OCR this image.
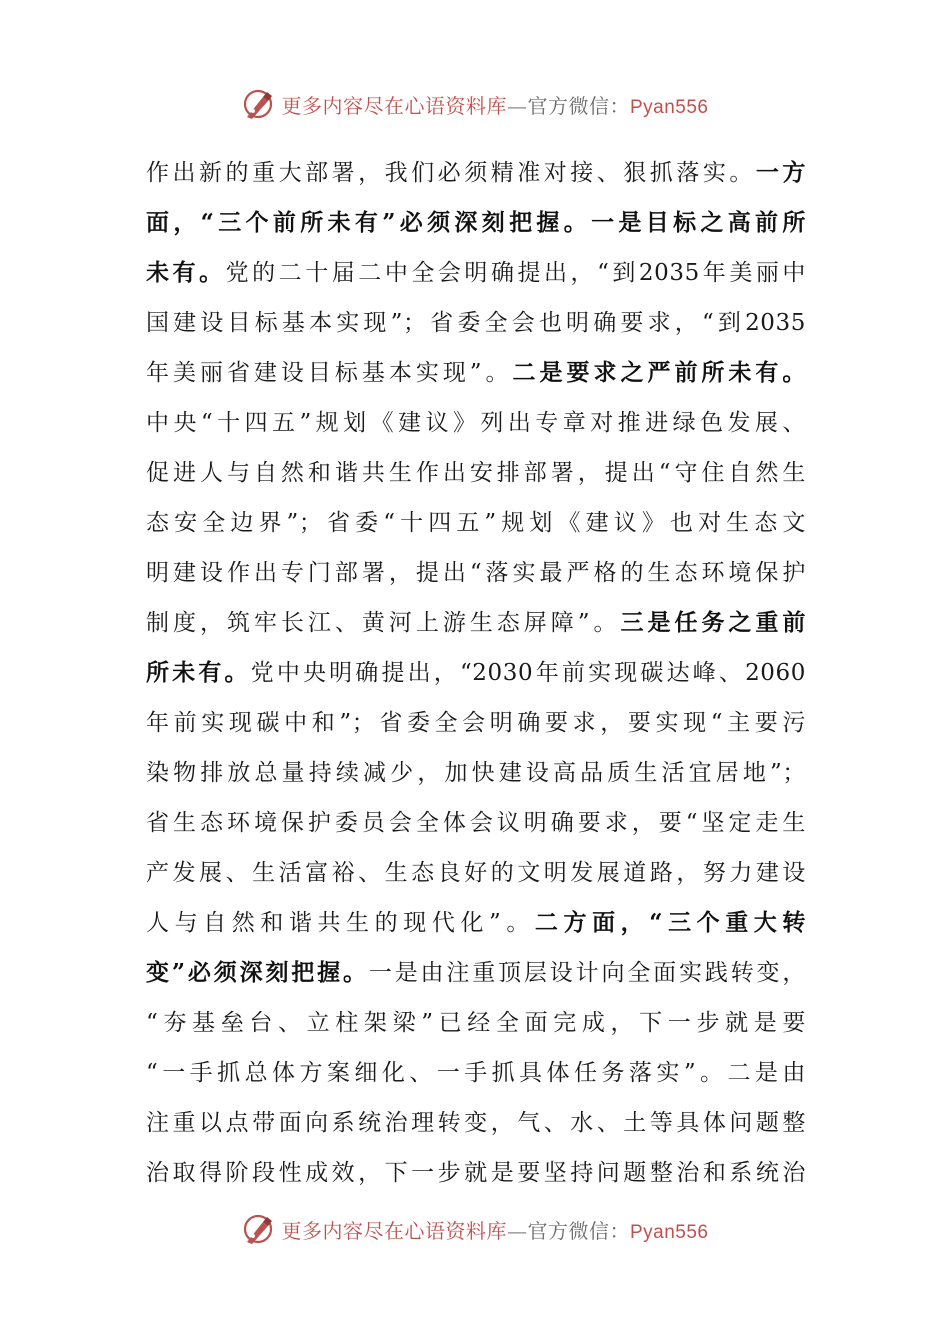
更多内容尽在心语资料库—官方微信：Pyan556
作出新的重大部署，我们必须精准对接、狠抓落实。一方
面，“三个前所未有”必须深刻把握。一是目标之高前所
未有。党的二十届二中全会明确提出，“到2035年美丽中
国建设目标基本实现”；省委全会也明确要求，“到2035
年美丽省建设目标基本实现”。二是要求之严前所未有。
中央“十四五”规划《建议》列出专章对推进绿色发展、
促进人与自然和谐共生作出安排部署，提出“守住自然生
态安全边界”；省委“十四五”规划《建议》也对生态文
明建设作出专门部署，提出“落实最严格的生态环境保护
制度，筑牢长江、黄河上游生态屏障”。三是任务之重前
所未有。党中央明确提出，“2030年前实现碳达峰、2060
年前实现碳中和”；省委全会明确要求，要实现“主要污
染物排放总量持续减少，加快建设高品质生活宜居地”；
省生态环境保护委员会全体会议明确要求，要“坚定走生
产发展、生活富裕、生态良好的文明发展道路，努力建设
人与自然和谐共生的现代化”。二方面，“三个重大转
变”必须深刻把握。一是由注重顶层设计向全面实践转变，
“夯基垒台、立柱架梁”已经全面完成，下一步就是要
“一手抓总体方案细化、一手抓具体任务落实”。二是由
注重以点带面向系统治理转变，气、水、土等具体问题整
治取得阶段性成效，下一步就是要坚持问题整治和系统治
更多内容尽在心语资料库—官方微信：Pyan556
